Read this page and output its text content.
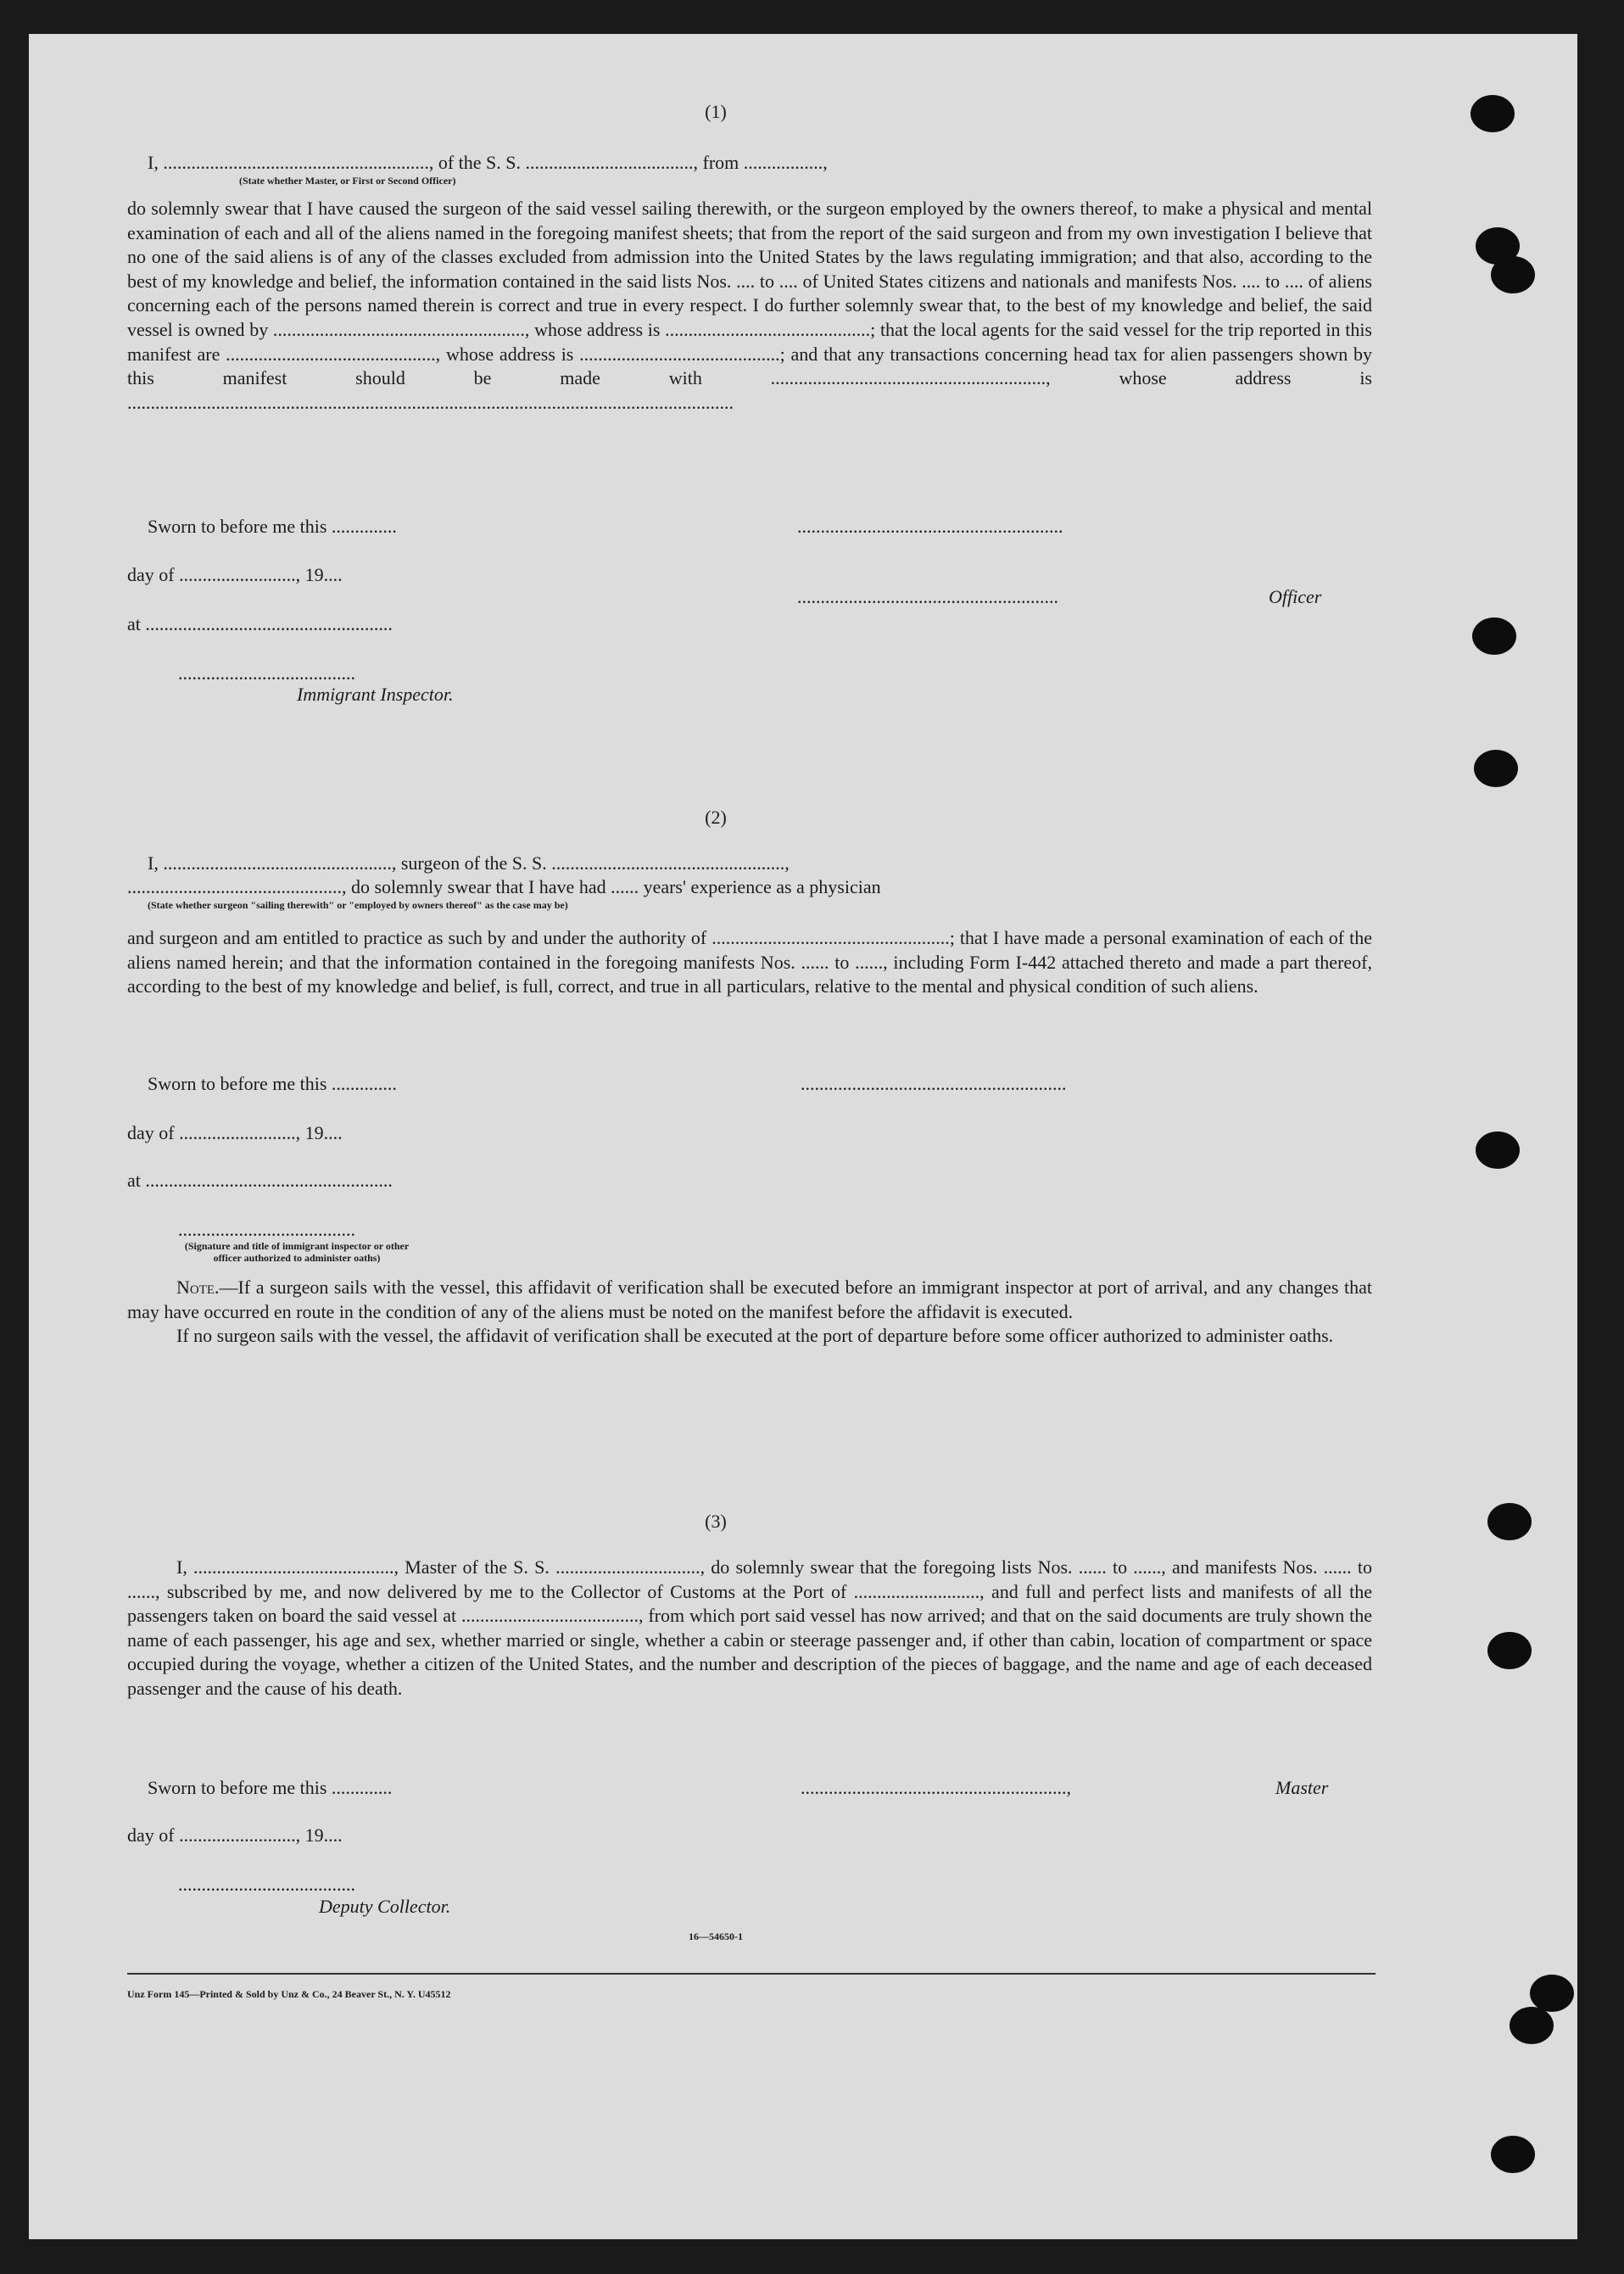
(1)
I, ........................................................., of the S. S. ...................................., from .................,
(State whether Master, or First or Second Officer)
do solemnly swear that I have caused the surgeon of the said vessel sailing therewith, or the surgeon employed by the owners thereof, to make a physical and mental examination of each and all of the aliens named in the foregoing manifest sheets; that from the report of the said surgeon and from my own investigation I believe that no one of the said aliens is of any of the classes excluded from admission into the United States by the laws regulating immigration; and that also, according to the best of my knowledge and belief, the information contained in the said lists Nos. .... to .... of United States citizens and nationals and manifests Nos. .... to .... of aliens concerning each of the persons named therein is correct and true in every respect. I do further solemnly swear that, to the best of my knowledge and belief, the said vessel is owned by ......................................................, whose address is ............................................; that the local agents for the said vessel for the trip reported in this manifest are ............................................., whose address is ...........................................; and that any transactions concerning head tax for alien passengers shown by this manifest should be made with ..........................................................., whose address is ..................................................................................................................................
Sworn to before me this ..............	.........................................................
day of ........................., 19....
........................................................	Officer
at .....................................................
......................................
Immigrant Inspector.
(2)
I, ................................................., surgeon of the S. S. ..................................................,
.............................................., do solemnly swear that I have had ...... years' experience as a physician
(State whether surgeon "sailing therewith" or "employed by owners thereof" as the case may be)
and surgeon and am entitled to practice as such by and under the authority of ...................................................; that I have made a personal examination of each of the aliens named herein; and that the information contained in the foregoing manifests Nos. ...... to ......, including Form I-442 attached thereto and made a part thereof, according to the best of my knowledge and belief, is full, correct, and true in all particulars, relative to the mental and physical condition of such aliens.
Sworn to before me this ..............	.........................................................
day of ........................., 19....
at .....................................................
......................................
(Signature and title of immigrant inspector or other officer authorized to administer oaths)

Note.—If a surgeon sails with the vessel, this affidavit of verification shall be executed before an immigrant inspector at port of arrival, and any changes that may have occurred en route in the condition of any of the aliens must be noted on the manifest before the affidavit is executed.

If no surgeon sails with the vessel, the affidavit of verification shall be executed at the port of departure before some officer authorized to administer oaths.

(3)
I, ..........................................., Master of the S. S. ..............................., do solemnly swear that the foregoing lists Nos. ...... to ......, and manifests Nos. ...... to ......, subscribed by me, and now delivered by me to the Collector of Customs at the Port of ..........................., and full and perfect lists and manifests of all the passengers taken on board the said vessel at ......................................, from which port said vessel has now arrived; and that on the said documents are truly shown the name of each passenger, his age and sex, whether married or single, whether a cabin or steerage passenger and, if other than cabin, location of compartment or space occupied during the voyage, whether a citizen of the United States, and the number and description of the pieces of baggage, and the name and age of each deceased passenger and the cause of his death.
Sworn to before me this .............	.........................................................,	Master
day of ........................., 19....
......................................
Deputy Collector.
16—54650-1
Unz Form 145—Printed & Sold by Unz & Co., 24 Beaver St., N. Y. U45512
